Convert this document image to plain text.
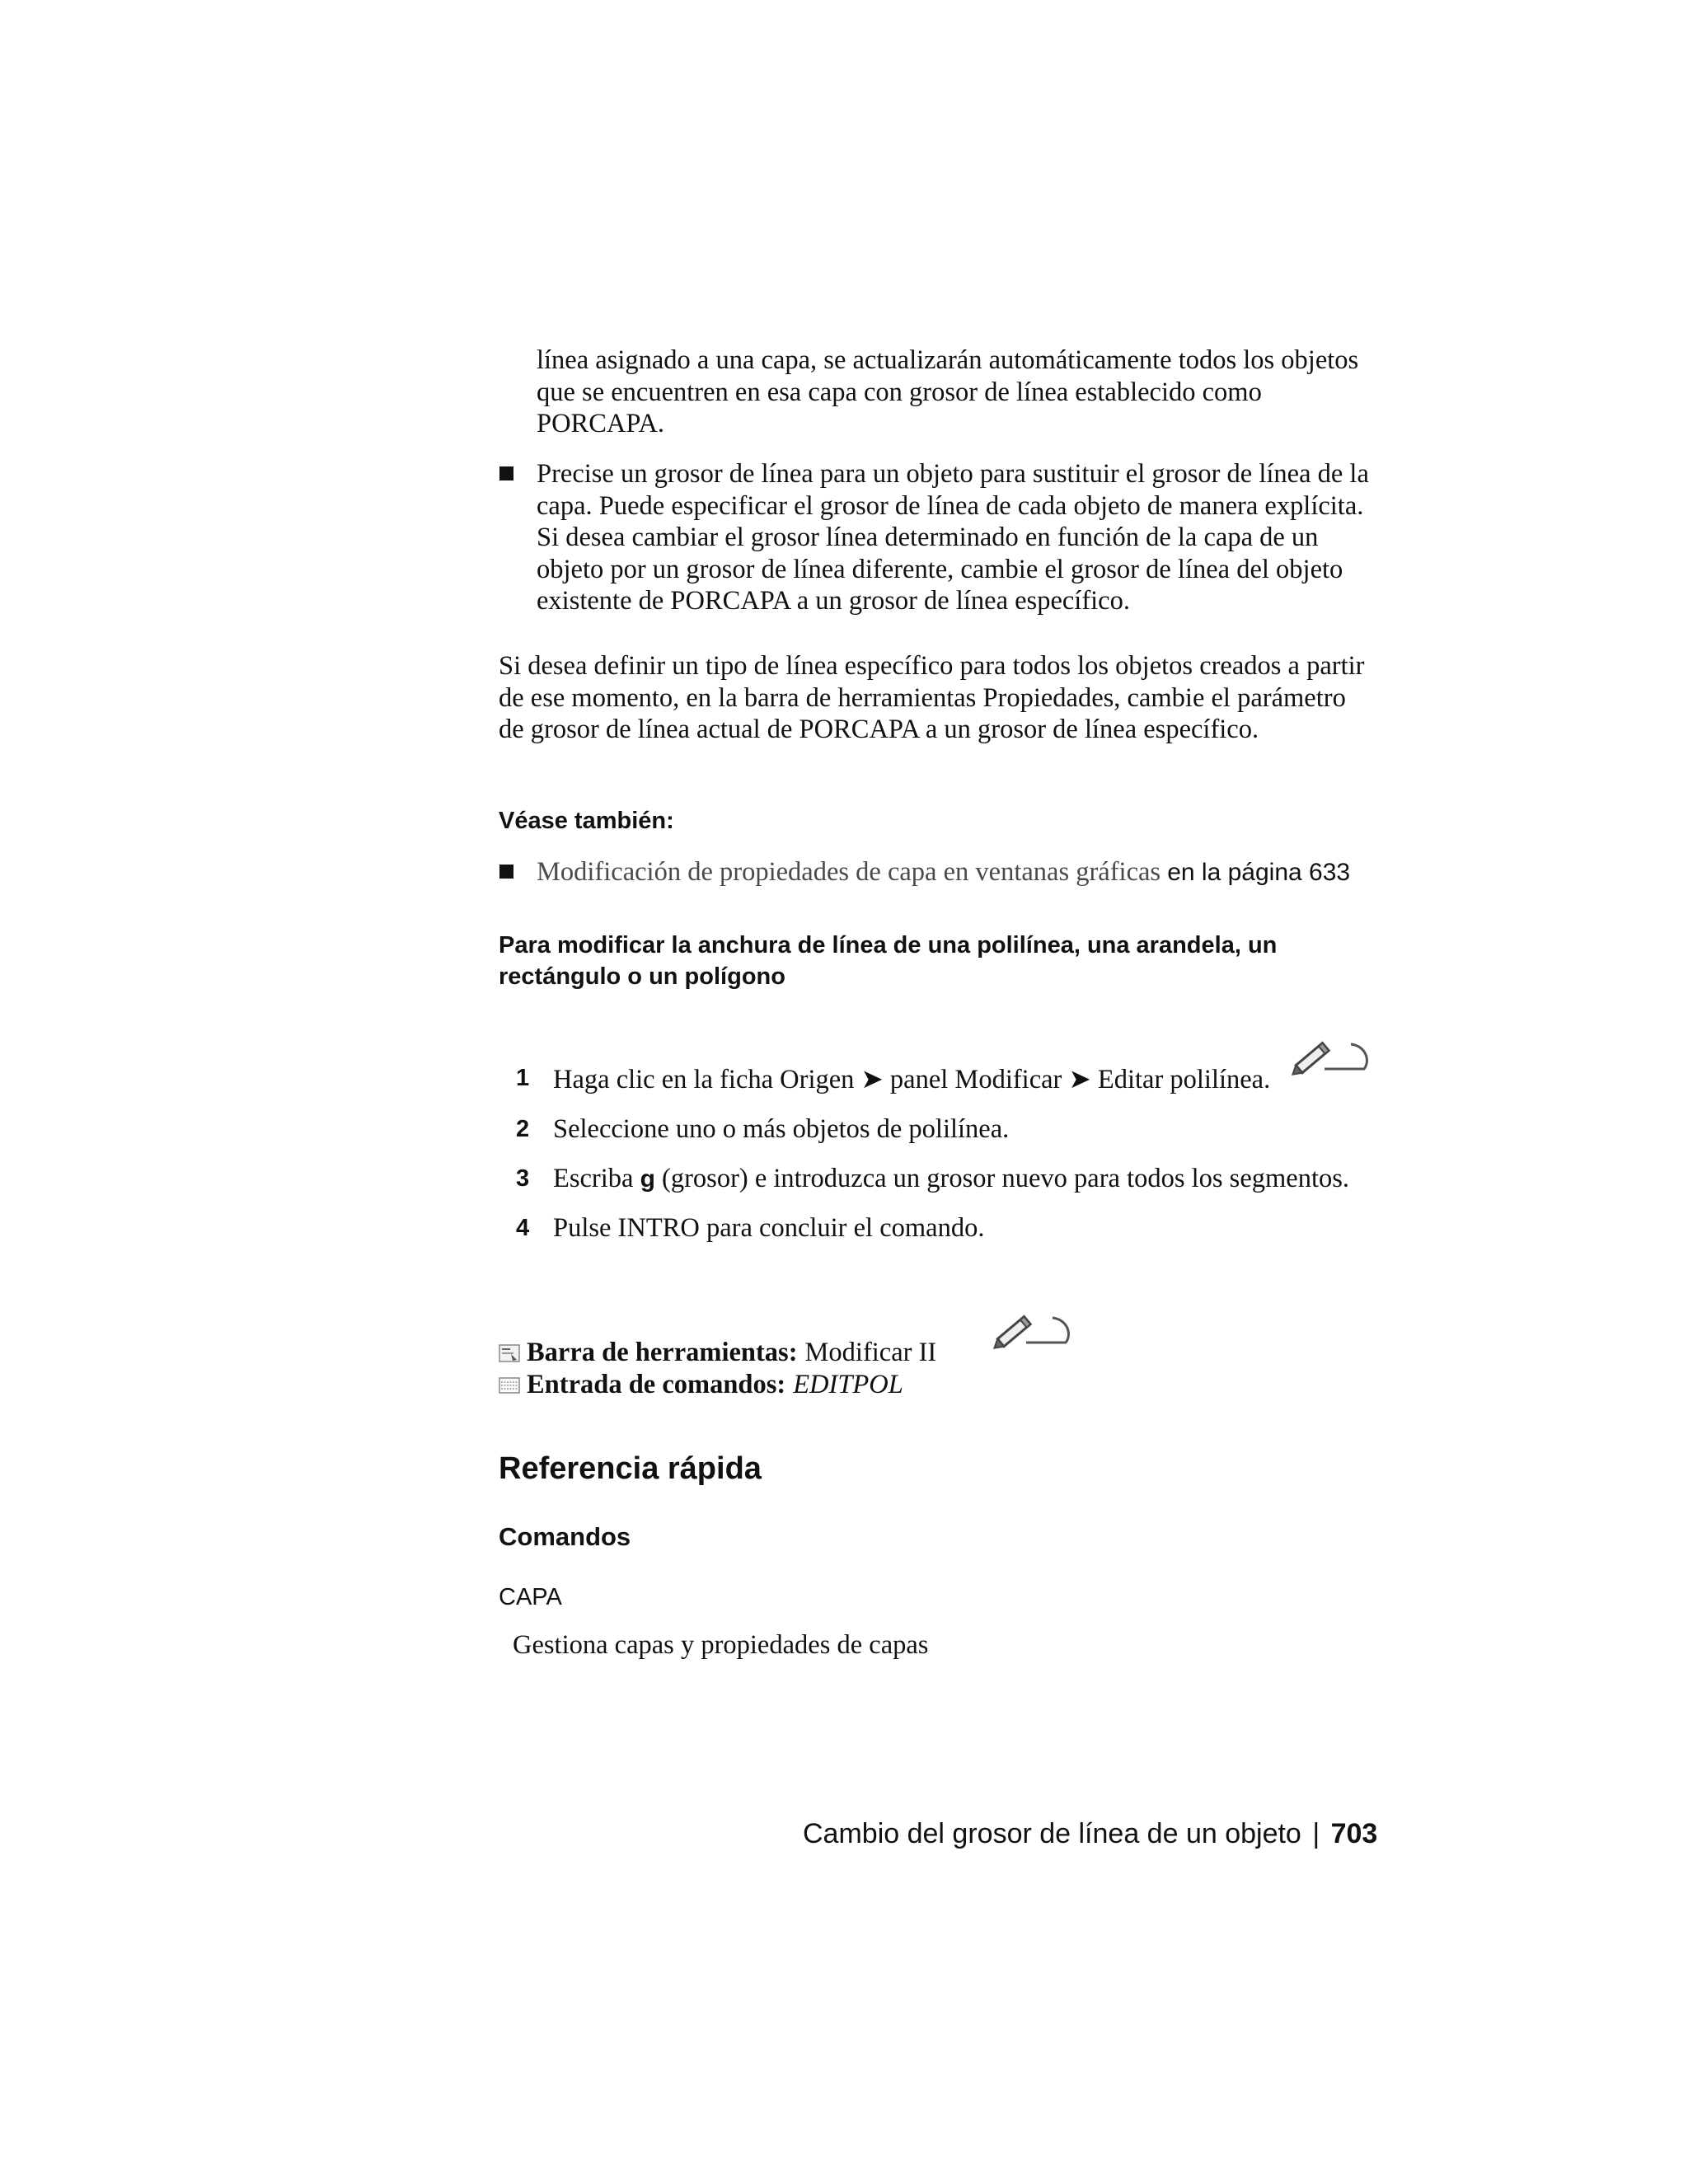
línea asignado a una capa, se actualizarán automáticamente todos los objetos que se encuentren en esa capa con grosor de línea establecido como PORCAPA.
Precise un grosor de línea para un objeto para sustituir el grosor de línea de la capa. Puede especificar el grosor de línea de cada objeto de manera explícita. Si desea cambiar el grosor línea determinado en función de la capa de un objeto por un grosor de línea diferente, cambie el grosor de línea del objeto existente de PORCAPA a un grosor de línea específico.
Si desea definir un tipo de línea específico para todos los objetos creados a partir de ese momento, en la barra de herramientas Propiedades, cambie el parámetro de grosor de línea actual de PORCAPA a un grosor de línea específico.
Véase también:
Modificación de propiedades de capa en ventanas gráficas en la página 633
Para modificar la anchura de línea de una polilínea, una arandela, un rectángulo o un polígono
1 Haga clic en la ficha Origen ➤ panel Modificar ➤ Editar polilínea.
2 Seleccione uno o más objetos de polilínea.
3 Escriba g (grosor) e introduzca un grosor nuevo para todos los segmentos.
4 Pulse INTRO para concluir el comando.
Barra de herramientas: Modificar II
Entrada de comandos: EDITPOL
Referencia rápida
Comandos
CAPA
Gestiona capas y propiedades de capas
Cambio del grosor de línea de un objeto | 703
